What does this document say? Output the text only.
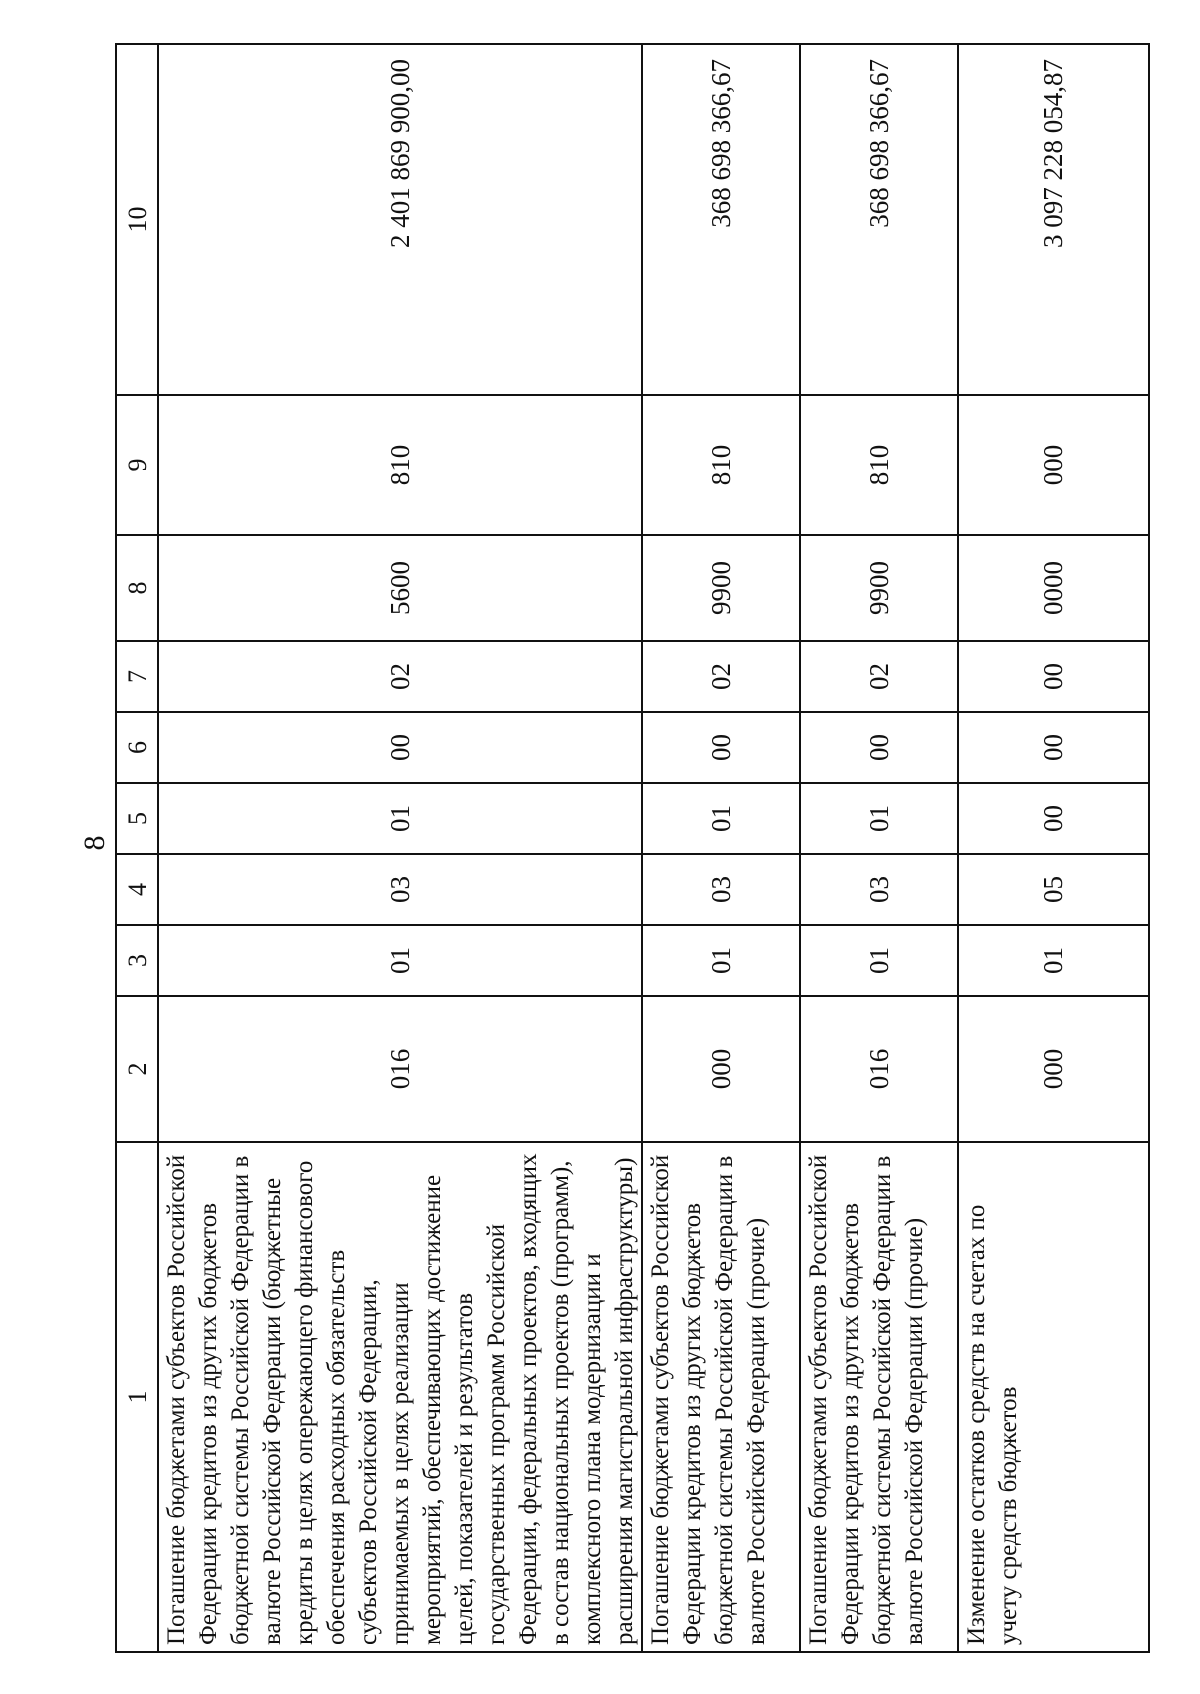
8
1	2	3	4	5	6	7	8	9	10
Погашение бюджетами субъектов Российской Федерации кредитов из других бюджетов бюджетной системы Российской Федерации в валюте Российской Федерации (бюджетные кредиты в целях опережающего финансового обеспечения расходных обязательств субъектов Российской Федерации, принимаемых в целях реализации мероприятий, обеспечивающих достижение целей, показателей и результатов государственных программ Российской Федерации, федеральных проектов, входящих в состав национальных проектов (программ), комплексного плана модернизации и расширения магистральной инфраструктуры)	016	01	03	01	00	02	5600	810	2 401 869 900,00
Погашение бюджетами субъектов Российской Федерации кредитов из других бюджетов бюджетной системы Российской Федерации в валюте Российской Федерации (прочие)	000	01	03	01	00	02	9900	810	368 698 366,67
Погашение бюджетами субъектов Российской Федерации кредитов из других бюджетов бюджетной системы Российской Федерации в валюте Российской Федерации (прочие)	016	01	03	01	00	02	9900	810	368 698 366,67
Изменение остатков средств на счетах по учету средств бюджетов	000	01	05	00	00	00	0000	000	3 097 228 054,87
